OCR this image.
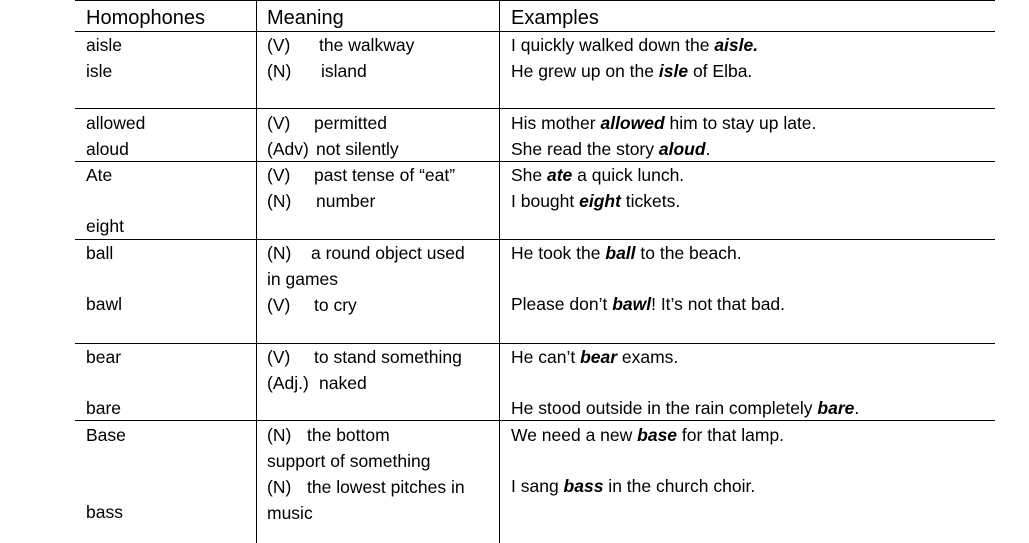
Homophones	Meaning	Examples
aisle
isle
(V) the walkway
(N) island
I quickly walked down the aisle.
He grew up on the isle of Elba.
allowed
aloud
(V) permitted
(Adv) not silently
His mother allowed him to stay up late.
She read the story aloud.
Ate
eight
(V) past tense of “eat”
(N) number
She ate a quick lunch.
I bought eight tickets.
ball
bawl
(N) a round object used
in games
(V) to cry
He took the ball to the beach.
Please don’t bawl! It’s not that bad.
bear
bare
(V) to stand something
(Adj.) naked
He can’t bear exams.
He stood outside in the rain completely bare.
Base
bass
(N) the bottom
support of something
(N) the lowest pitches in
music
We need a new base for that lamp.
I sang bass in the church choir.
